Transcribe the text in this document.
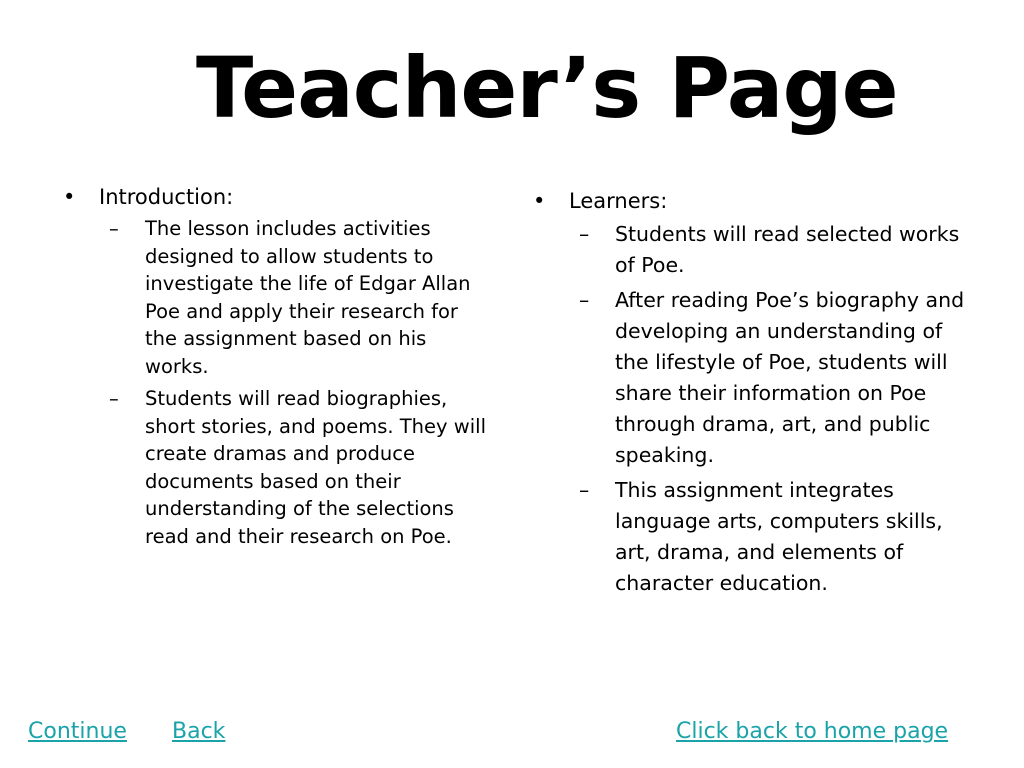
Teacher’s Page
•	Introduction:
–	The lesson includes activities designed to allow students to investigate the life of Edgar Allan Poe and apply their research for the assignment based on his works.
–	Students will read biographies, short stories, and poems. They will create dramas and produce documents based on their understanding of the selections read and their research on Poe.
•	Learners:
–	Students will read selected works of Poe.
–	After reading Poe’s biography and developing an understanding of the lifestyle of Poe, students will share their information on Poe through drama, art, and public speaking.
–	This assignment integrates language arts, computers skills, art, drama, and elements of character education.
Continue Back	Click back to home page
